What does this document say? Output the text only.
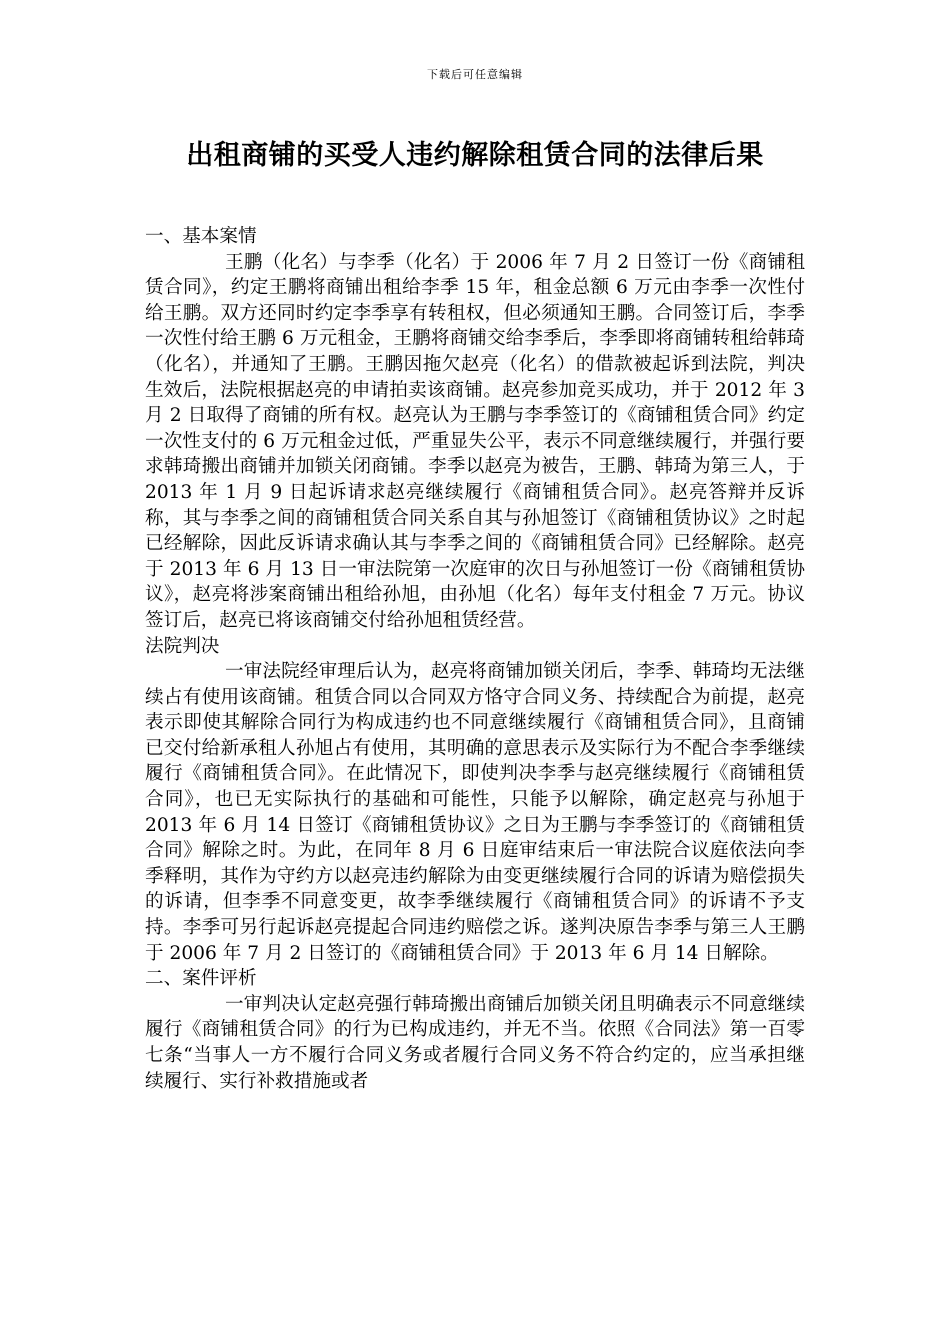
下载后可任意编辑
出租商铺的买受人违约解除租赁合同的法律后果

一、基本案情

王鹏（化名）与李季（化名）于 2006 年 7 月 2 日签订一份《商铺租赁合同》，约定王鹏将商铺出租给李季 15 年，租金总额 6 万元由李季一次性付给王鹏。双方还同时约定李季享有转租权，但必须通知王鹏。合同签订后，李季一次性付给王鹏 6 万元租金，王鹏将商铺交给李季后，李季即将商铺转租给韩琦（化名），并通知了王鹏。王鹏因拖欠赵亮（化名）的借款被起诉到法院，判决生效后，法院根据赵亮的申请拍卖该商铺。赵亮参加竞买成功，并于 2012 年 3 月 2 日取得了商铺的所有权。赵亮认为王鹏与李季签订的《商铺租赁合同》约定一次性支付的 6 万元租金过低，严重显失公平，表示不同意继续履行，并强行要求韩琦搬出商铺并加锁关闭商铺。李季以赵亮为被告，王鹏、韩琦为第三人，于 2013 年 1 月 9 日起诉请求赵亮继续履行《商铺租赁合同》。赵亮答辩并反诉称，其与李季之间的商铺租赁合同关系自其与孙旭签订《商铺租赁协议》之时起已经解除，因此反诉请求确认其与李季之间的《商铺租赁合同》已经解除。赵亮于 2013 年 6 月 13 日一审法院第一次庭审的次日与孙旭签订一份《商铺租赁协议》，赵亮将涉案商铺出租给孙旭，由孙旭（化名）每年支付租金 7 万元。协议签订后，赵亮已将该商铺交付给孙旭租赁经营。

法院判决

一审法院经审理后认为，赵亮将商铺加锁关闭后，李季、韩琦均无法继续占有使用该商铺。租赁合同以合同双方恪守合同义务、持续配合为前提，赵亮表示即使其解除合同行为构成违约也不同意继续履行《商铺租赁合同》，且商铺已交付给新承租人孙旭占有使用，其明确的意思表示及实际行为不配合李季继续履行《商铺租赁合同》。在此情况下，即使判决李季与赵亮继续履行《商铺租赁合同》，也已无实际执行的基础和可能性，只能予以解除，确定赵亮与孙旭于 2013 年 6 月 14 日签订《商铺租赁协议》之日为王鹏与李季签订的《商铺租赁合同》解除之时。为此，在同年 8 月 6 日庭审结束后一审法院合议庭依法向李季释明，其作为守约方以赵亮违约解除为由变更继续履行合同的诉请为赔偿损失的诉请，但李季不同意变更，故李季继续履行《商铺租赁合同》的诉请不予支持。李季可另行起诉赵亮提起合同违约赔偿之诉。遂判决原告李季与第三人王鹏于 2006 年 7 月 2 日签订的《商铺租赁合同》于 2013 年 6 月 14 日解除。

二、案件评析

一审判决认定赵亮强行韩琦搬出商铺后加锁关闭且明确表示不同意继续履行《商铺租赁合同》的行为已构成违约，并无不当。依照《合同法》第一百零七条“当事人一方不履行合同义务或者履行合同义务不符合约定的，应当承担继续履行、实行补救措施或者
